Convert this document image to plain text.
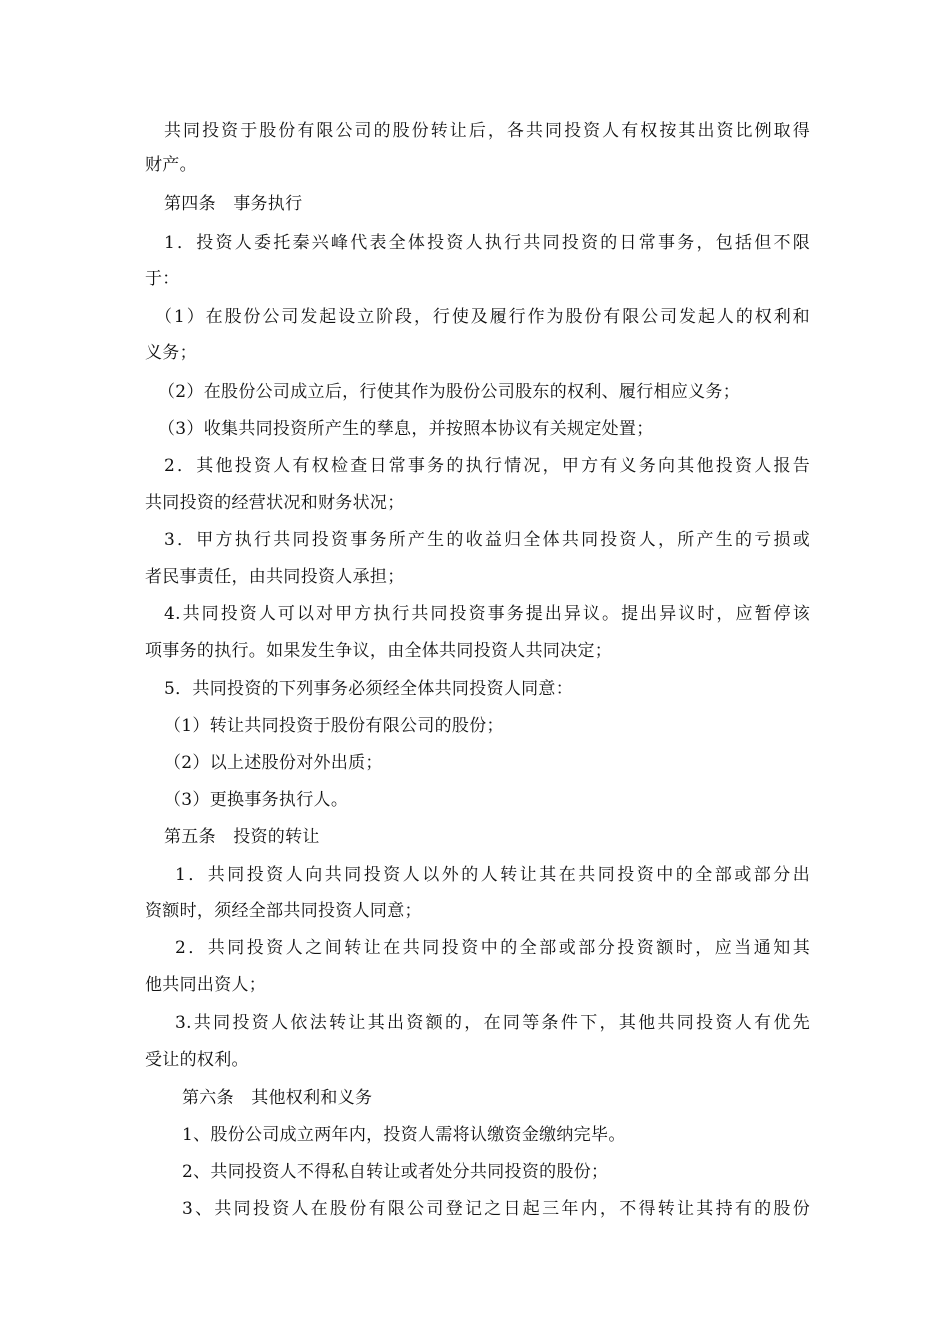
共同投资于股份有限公司的股份转让后，各共同投资人有权按其出资比例取得
财产。
第四条　事务执行
1．投资人委托秦兴峰代表全体投资人执行共同投资的日常事务，包括但不限
于：
（1）在股份公司发起设立阶段，行使及履行作为股份有限公司发起人的权利和
义务；
（2）在股份公司成立后，行使其作为股份公司股东的权利、履行相应义务；
（3）收集共同投资所产生的孳息，并按照本协议有关规定处置；
2．其他投资人有权检查日常事务的执行情况，甲方有义务向其他投资人报告
共同投资的经营状况和财务状况；
3．甲方执行共同投资事务所产生的收益归全体共同投资人，所产生的亏损或
者民事责任，由共同投资人承担；
4.共同投资人可以对甲方执行共同投资事务提出异议。提出异议时，应暂停该
项事务的执行。如果发生争议，由全体共同投资人共同决定；
5．共同投资的下列事务必须经全体共同投资人同意：
（1）转让共同投资于股份有限公司的股份；
（2）以上述股份对外出质；
（3）更换事务执行人。
第五条　投资的转让
1．共同投资人向共同投资人以外的人转让其在共同投资中的全部或部分出
资额时，须经全部共同投资人同意；
2．共同投资人之间转让在共同投资中的全部或部分投资额时，应当通知其
他共同出资人；
3.共同投资人依法转让其出资额的，在同等条件下，其他共同投资人有优先
受让的权利。
第六条　其他权利和义务
1、股份公司成立两年内，投资人需将认缴资金缴纳完毕。
2、共同投资人不得私自转让或者处分共同投资的股份；
3、共同投资人在股份有限公司登记之日起三年内，不得转让其持有的股份
